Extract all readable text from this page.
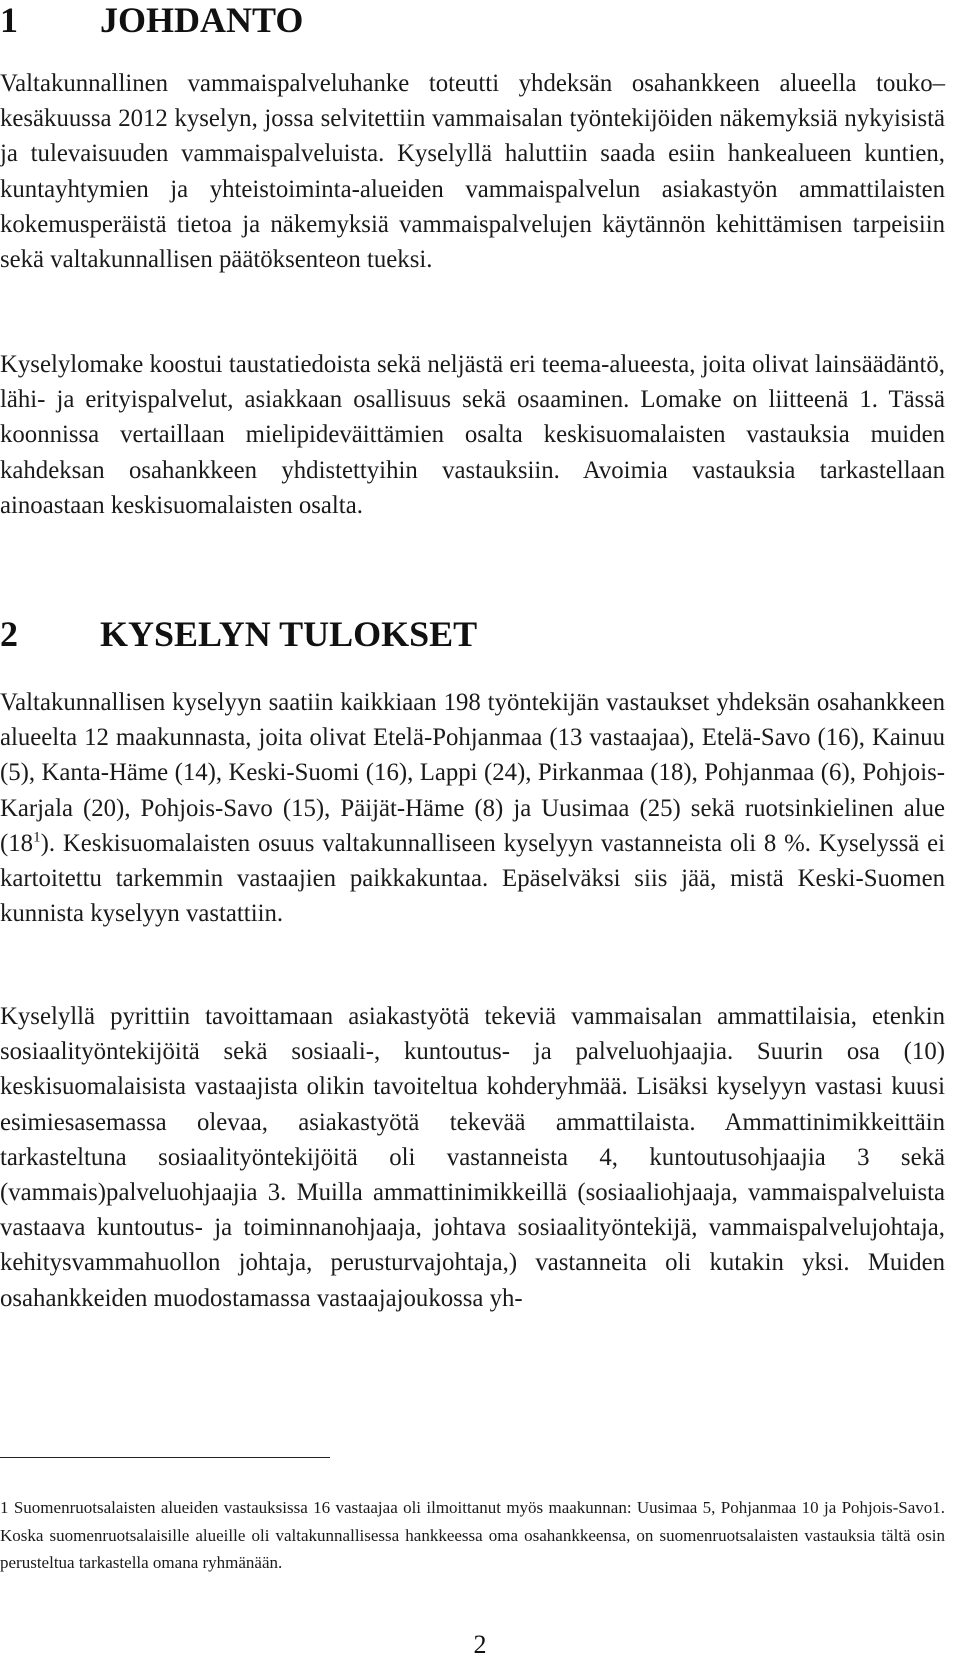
1 JOHDANTO

Valtakunnallinen vammaispalveluhanke toteutti yhdeksän osahankkeen alueella touko–kesäkuussa 2012 kyselyn, jossa selvitettiin vammaisalan työntekijöiden näkemyksiä nykyisistä ja tulevaisuuden vammaispalveluista. Kyselyllä haluttiin saada esiin hankealueen kuntien, kuntayhtymien ja yhteistoiminta-alueiden vammaispalvelun asiakastyön ammattilaisten kokemusperäistä tietoa ja näkemyksiä vammaispalvelujen käytännön kehittämisen tarpeisiin sekä valtakunnallisen päätöksenteon tueksi.

Kyselylomake koostui taustatiedoista sekä neljästä eri teema-alueesta, joita olivat lainsäädäntö, lähi- ja erityispalvelut, asiakkaan osallisuus sekä osaaminen. Lomake on liitteenä 1. Tässä koonnissa vertaillaan mielipideväittämien osalta keskisuomalaisten vastauksia muiden kahdeksan osahankkeen yhdistettyihin vastauksiin. Avoimia vastauksia tarkastellaan ainoastaan keskisuomalaisten osalta.

2 KYSELYN TULOKSET

Valtakunnallisen kyselyyn saatiin kaikkiaan 198 työntekijän vastaukset yhdeksän osahankkeen alueelta 12 maakunnasta, joita olivat Etelä-Pohjanmaa (13 vastaajaa), Etelä-Savo (16), Kainuu (5), Kanta-Häme (14), Keski-Suomi (16), Lappi (24), Pirkanmaa (18), Pohjanmaa (6), Pohjois-Karjala (20), Pohjois-Savo (15), Päijät-Häme (8) ja Uusimaa (25) sekä ruotsinkielinen alue $(18^1)$. Keskisuomalaisten osuus valtakunnalliseen kyselyyn vastanneista oli 8 %. Kyselyssä ei kartoitettu tarkemmin vastaajien paikkakuntaa. Epäselväksi siis jää, mistä Keski-Suomen kunnista kyselyyn vastattiin.

Kyselyllä pyrittiin tavoittamaan asiakastyötä tekeviä vammaisalan ammattilaisia, etenkin sosiaalityöntekijöitä sekä sosiaali-, kuntoutus- ja palveluohjaajia. Suurin osa (10) keskisuomalaisista vastaajista olikin tavoiteltua kohderyhmää. Lisäksi kyselyyn vastasi kuusi esimiesasemassa olevaa, asiakastyötä tekevää ammattilaista. Ammattinimikkeittäin tarkasteltuna sosiaalityöntekijöitä oli vastanneista 4, kuntoutusohjaajia 3 sekä (vammais)palveluohjaajia 3. Muilla ammattinimikkeillä (sosiaaliohjaaja, vammaispalveluista vastaava kuntoutus- ja toiminnanohjaaja, johtava sosiaalityöntekijä, vammaispalvelujohtaja, kehitysvammahuollon johtaja, perusturvajohtaja,) vastanneita oli kutakin yksi. Muiden osahankkeiden muodostamassa vastaajajoukossa yh-

1 Suomenruotsalaisten alueiden vastauksissa 16 vastaajaa oli ilmoittanut myös maakunnan: Uusimaa 5, Pohjanmaa 10 ja Pohjois-Savo1. Koska suomenruotsalaisille alueille oli valtakunnallisessa hankkeessa oma osahankkeensa, on suomenruotsalaisten vastauksia tältä osin perusteltua tarkastella omana ryhmänään.

2
